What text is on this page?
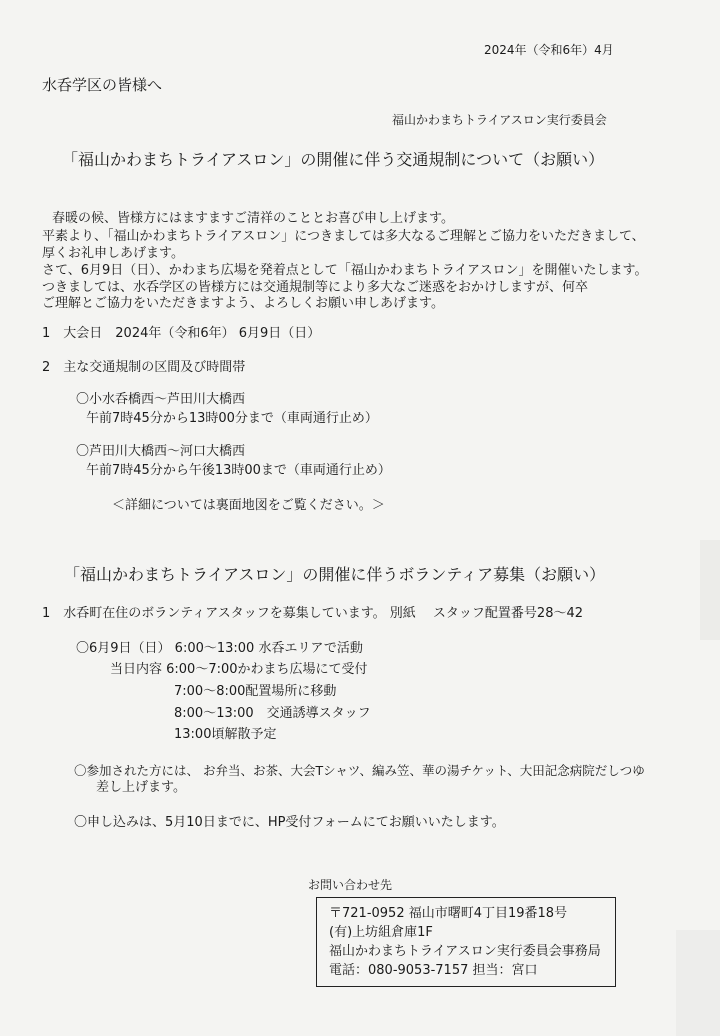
2024年（令和6年）4月
水呑学区の皆様へ
福山かわまちトライアスロン実行委員会
「福山かわまちトライアスロン」の開催に伴う交通規制について（お願い）
春暖の候、皆様方にはますますご清祥のこととお喜び申し上げます。
平素より、「福山かわまちトライアスロン」につきましては多大なるご理解とご協力をいただきまして、
厚くお礼申しあげます。
さて、6月9日（日）、かわまち広場を発着点として「福山かわまちトライアスロン」を開催いたします。
つきましては、水呑学区の皆様方には交通規制等により多大なご迷惑をおかけしますが、何卒
ご理解とご協力をいただきますよう、よろしくお願い申しあげます。
1　大会日　2024年（令和6年） 6月9日（日）
2　主な交通規制の区間及び時間帯
〇小水呑橋西～芦田川大橋西
午前7時45分から13時00分まで（車両通行止め）
〇芦田川大橋西～河口大橋西
午前7時45分から午後13時00まで（車両通行止め）
＜詳細については裏面地図をご覧ください。＞
「福山かわまちトライアスロン」の開催に伴うボランティア募集（お願い）
1　水呑町在住のボランティアスタッフを募集しています。 別紙　 スタッフ配置番号28～42
〇6月9日（日） 6:00～13:00 水呑エリアで活動
当日内容 6:00～7:00かわまち広場にて受付
7:00～8:00配置場所に移動
8:00～13:00　交通誘導スタッフ
13:00頃解散予定
〇参加された方には、 お弁当、お茶、大会Tシャツ、編み笠、華の湯チケット、大田記念病院だしつゆ
差し上げます。
〇申し込みは、5月10日までに、HP受付フォームにてお願いいたします。
お問い合わせ先
〒721-0952 福山市曙町4丁目19番18号
(有)上坊組倉庫1F
福山かわまちトライアスロン実行委員会事務局
電話：080-9053-7157 担当：宮口
